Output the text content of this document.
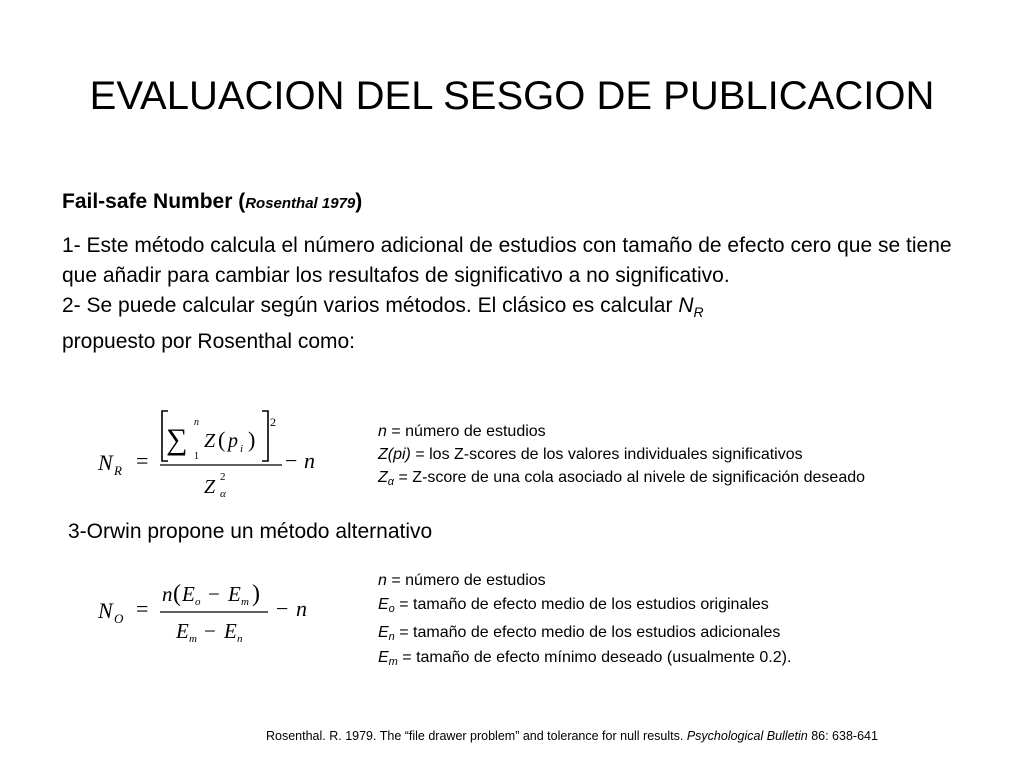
EVALUACION DEL SESGO DE PUBLICACION
Fail-safe Number (Rosenthal 1979)

1- Este método calcula el número adicional de estudios con tamaño de efecto cero que se tiene que añadir para cambiar los resultafos de significativo a no significativo.

2- Se puede calcular según varios métodos. El clásico es calcular $N_R$
propuesto por Rosenthal como:

N R =
2
∑
n
1
Z ( p i )
Z 2
α
− n
n = número de estudios
Z(pi) = los Z-scores de los valores individuales significativos
Zα = Z-score de una cola asociado al nivele de significación deseado
3-Orwin propone un método alternativo
N O =
n ( E o − E m )
E m − E n
− n
n = número de estudios
Eo = tamaño de efecto medio de los estudios originales
En = tamaño de efecto medio de los estudios adicionales
Em = tamaño de efecto mínimo deseado (usualmente 0.2).
Rosenthal. R. 1979. The “file drawer problem” and tolerance for null results. Psychological Bulletin 86: 638-641
